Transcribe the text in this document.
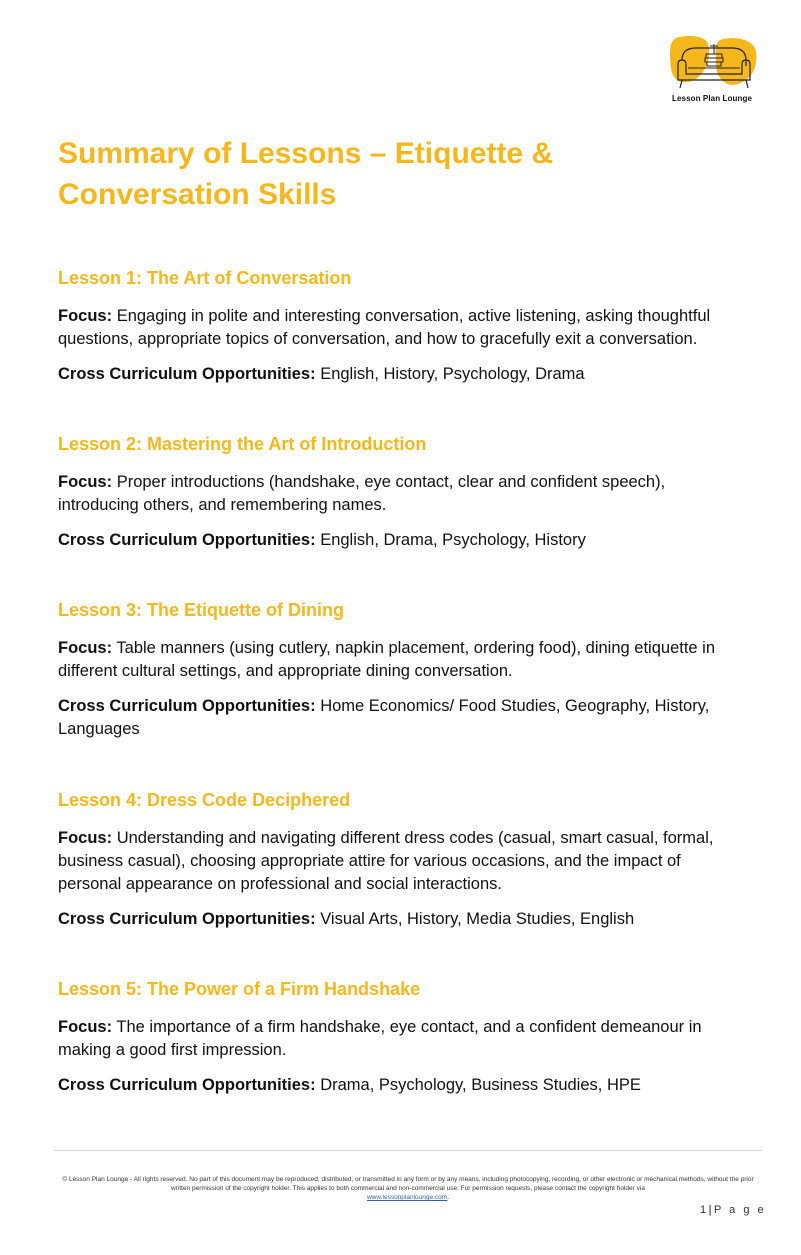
Lesson Plan Lounge
Summary of Lessons – Etiquette &
Conversation Skills
Lesson 1: The Art of Conversation

Focus: Engaging in polite and interesting conversation, active listening, asking thoughtful questions, appropriate topics of conversation, and how to gracefully exit a conversation.

Cross Curriculum Opportunities: English, History, Psychology, Drama

Lesson 2: Mastering the Art of Introduction

Focus: Proper introductions (handshake, eye contact, clear and confident speech), introducing others, and remembering names.

Cross Curriculum Opportunities: English, Drama, Psychology, History

Lesson 3: The Etiquette of Dining

Focus: Table manners (using cutlery, napkin placement, ordering food), dining etiquette in different cultural settings, and appropriate dining conversation.

Cross Curriculum Opportunities: Home Economics/ Food Studies, Geography, History, Languages

Lesson 4: Dress Code Deciphered

Focus: Understanding and navigating different dress codes (casual, smart casual, formal, business casual), choosing appropriate attire for various occasions, and the impact of personal appearance on professional and social interactions.

Cross Curriculum Opportunities: Visual Arts, History, Media Studies, English

Lesson 5: The Power of a Firm Handshake

Focus: The importance of a firm handshake, eye contact, and a confident demeanour in making a good first impression.

Cross Curriculum Opportunities: Drama, Psychology, Business Studies, HPE

© Lesson Plan Lounge - All rights reserved. No part of this document may be reproduced, distributed, or transmitted in any form or by any means, including photocopying, recording, or other electronic or mechanical methods, without the prior written permission of the copyright holder. This applies to both commercial and non-commercial use. For permission requests, please contact the copyright holder via
www.lessonplanlounge.com.
1|P a g e
